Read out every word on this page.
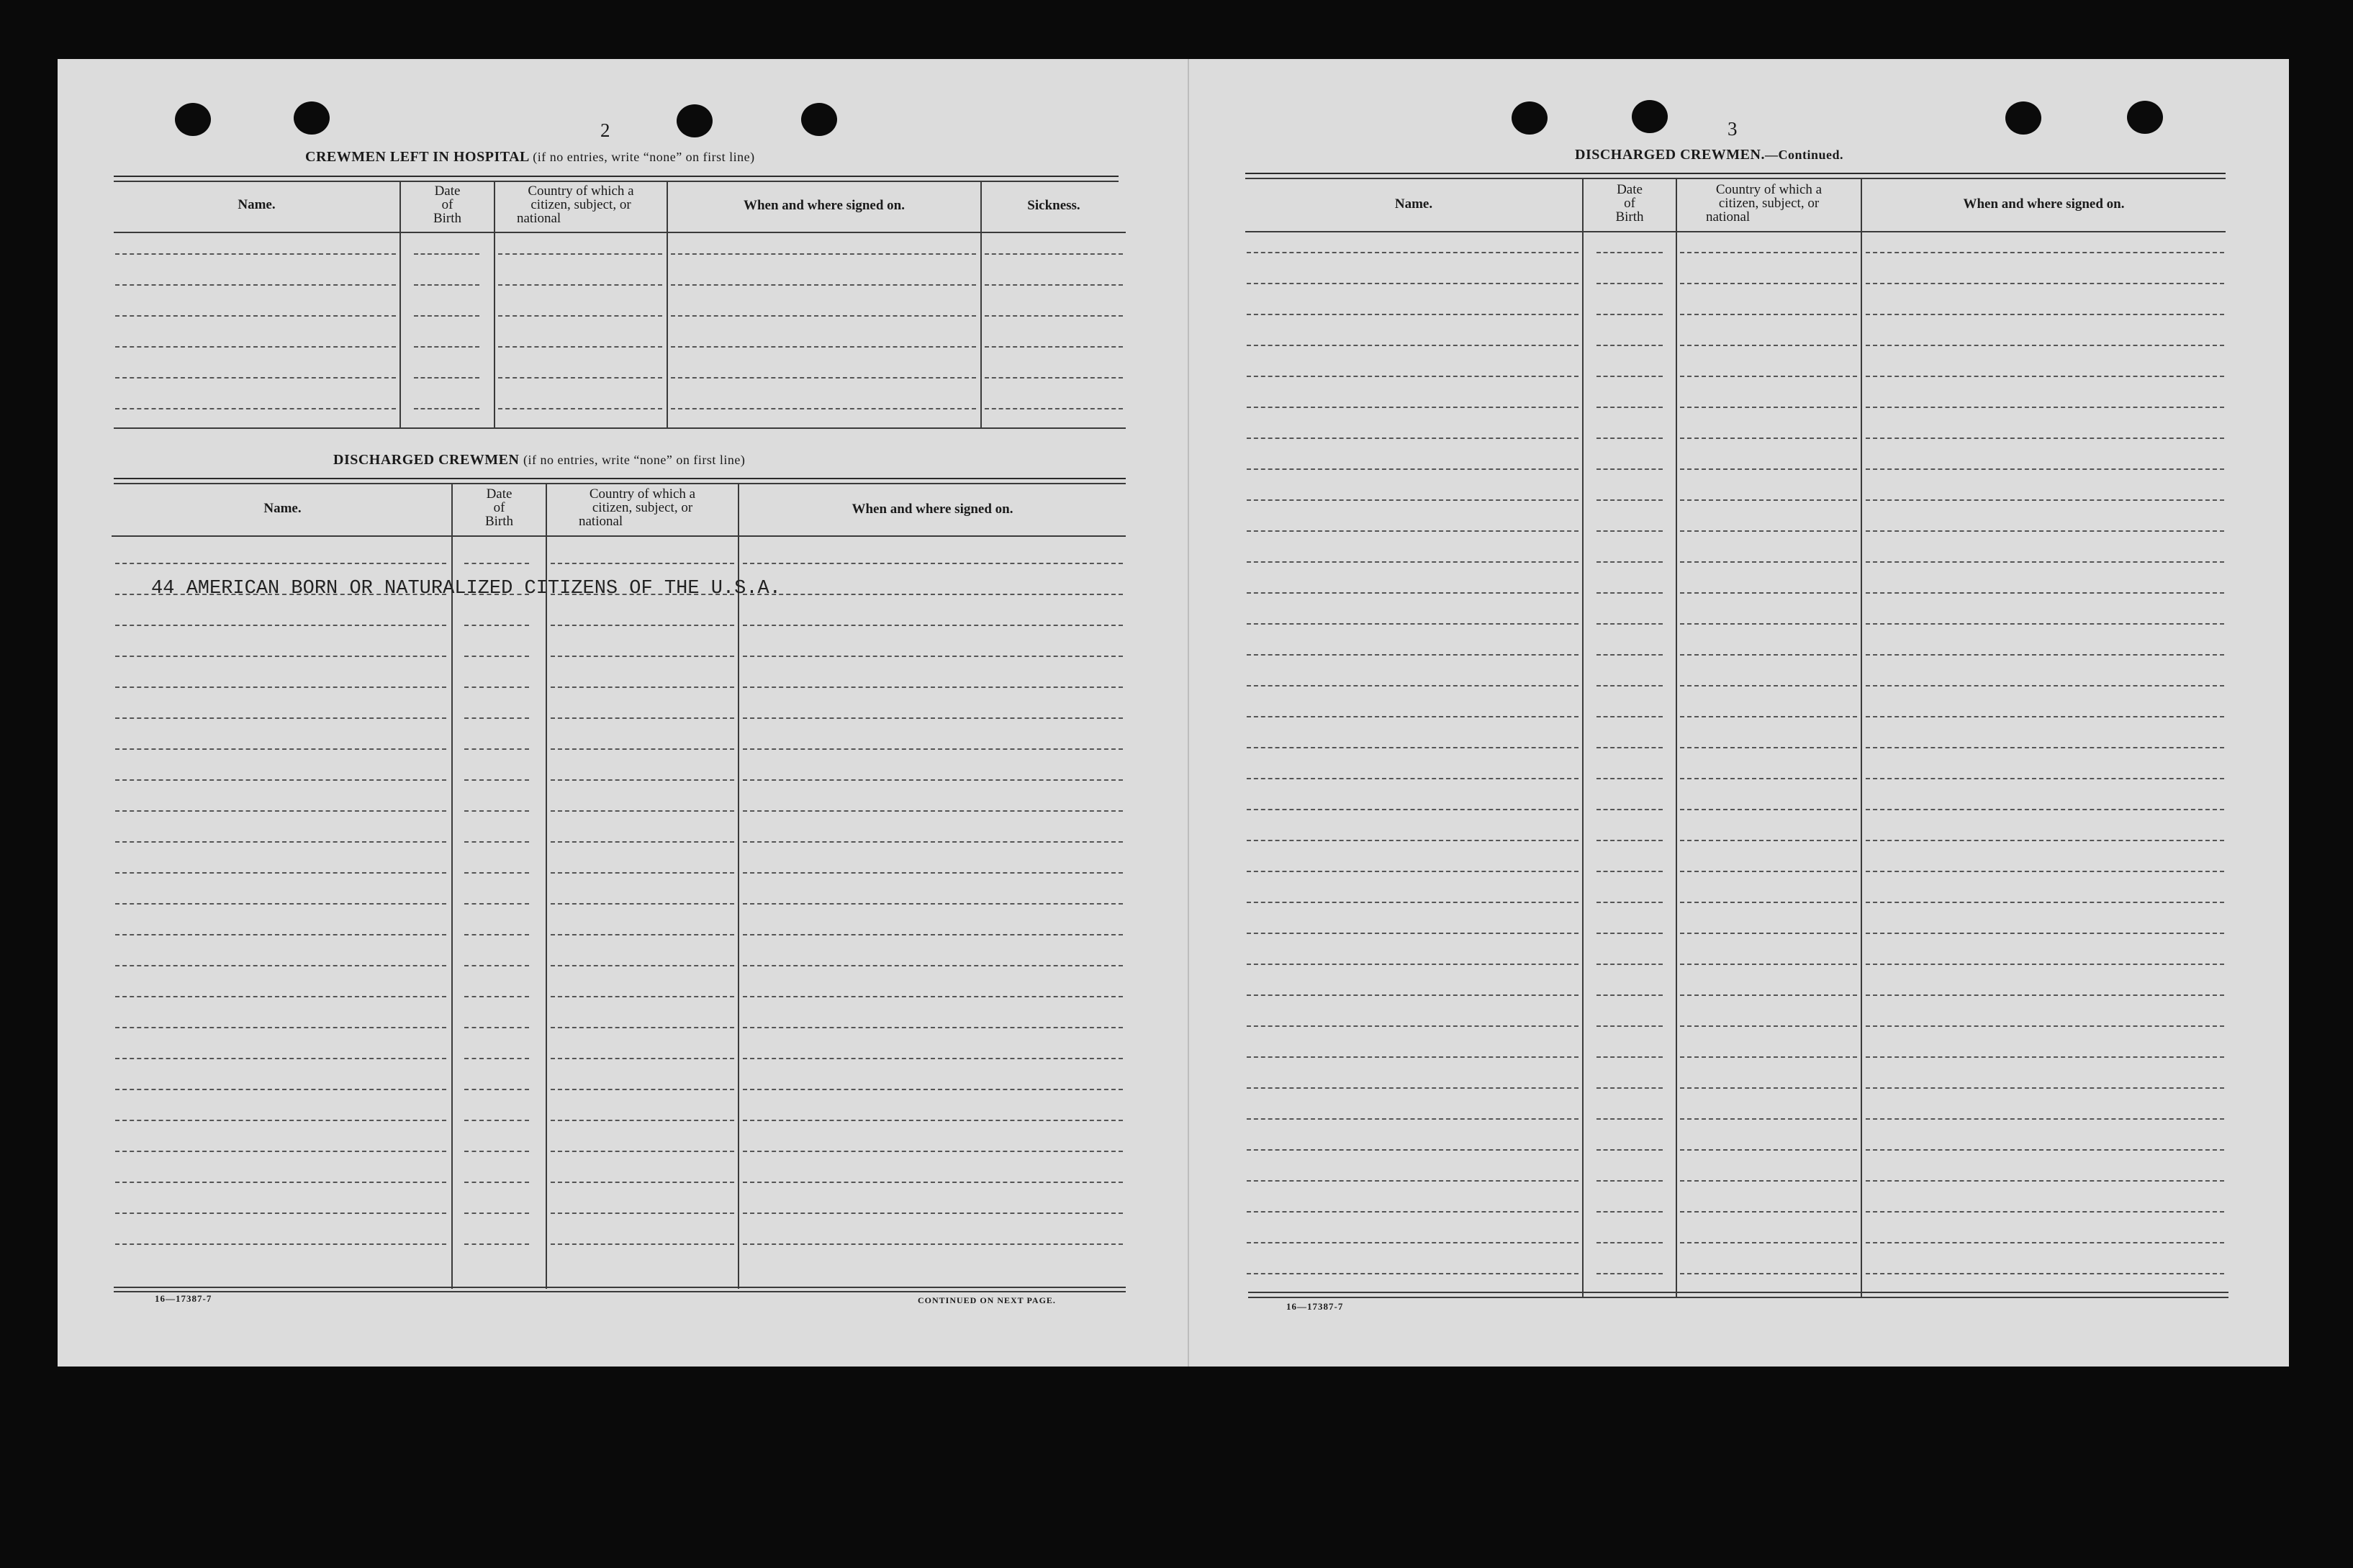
2
CREWMEN LEFT IN HOSPITAL (if no entries, write “none” on first line)
Name.
Date
of
Birth
Country of which a
citizen, subject, or
national
When and where signed on.	Sickness.
DISCHARGED CREWMEN (if no entries, write “none” on first line)
Name.
Date
of
Birth
Country of which a
citizen, subject, or
national
When and where signed on.
44 AMERICAN BORN OR NATURALIZED CITIZENS OF THE U.S.A.
16—17387-7	CONTINUED ON NEXT PAGE.
3
DISCHARGED CREWMEN.—Continued.
Name.
Date
of
Birth
Country of which a
citizen, subject, or
national
When and where signed on.
16—17387-7
